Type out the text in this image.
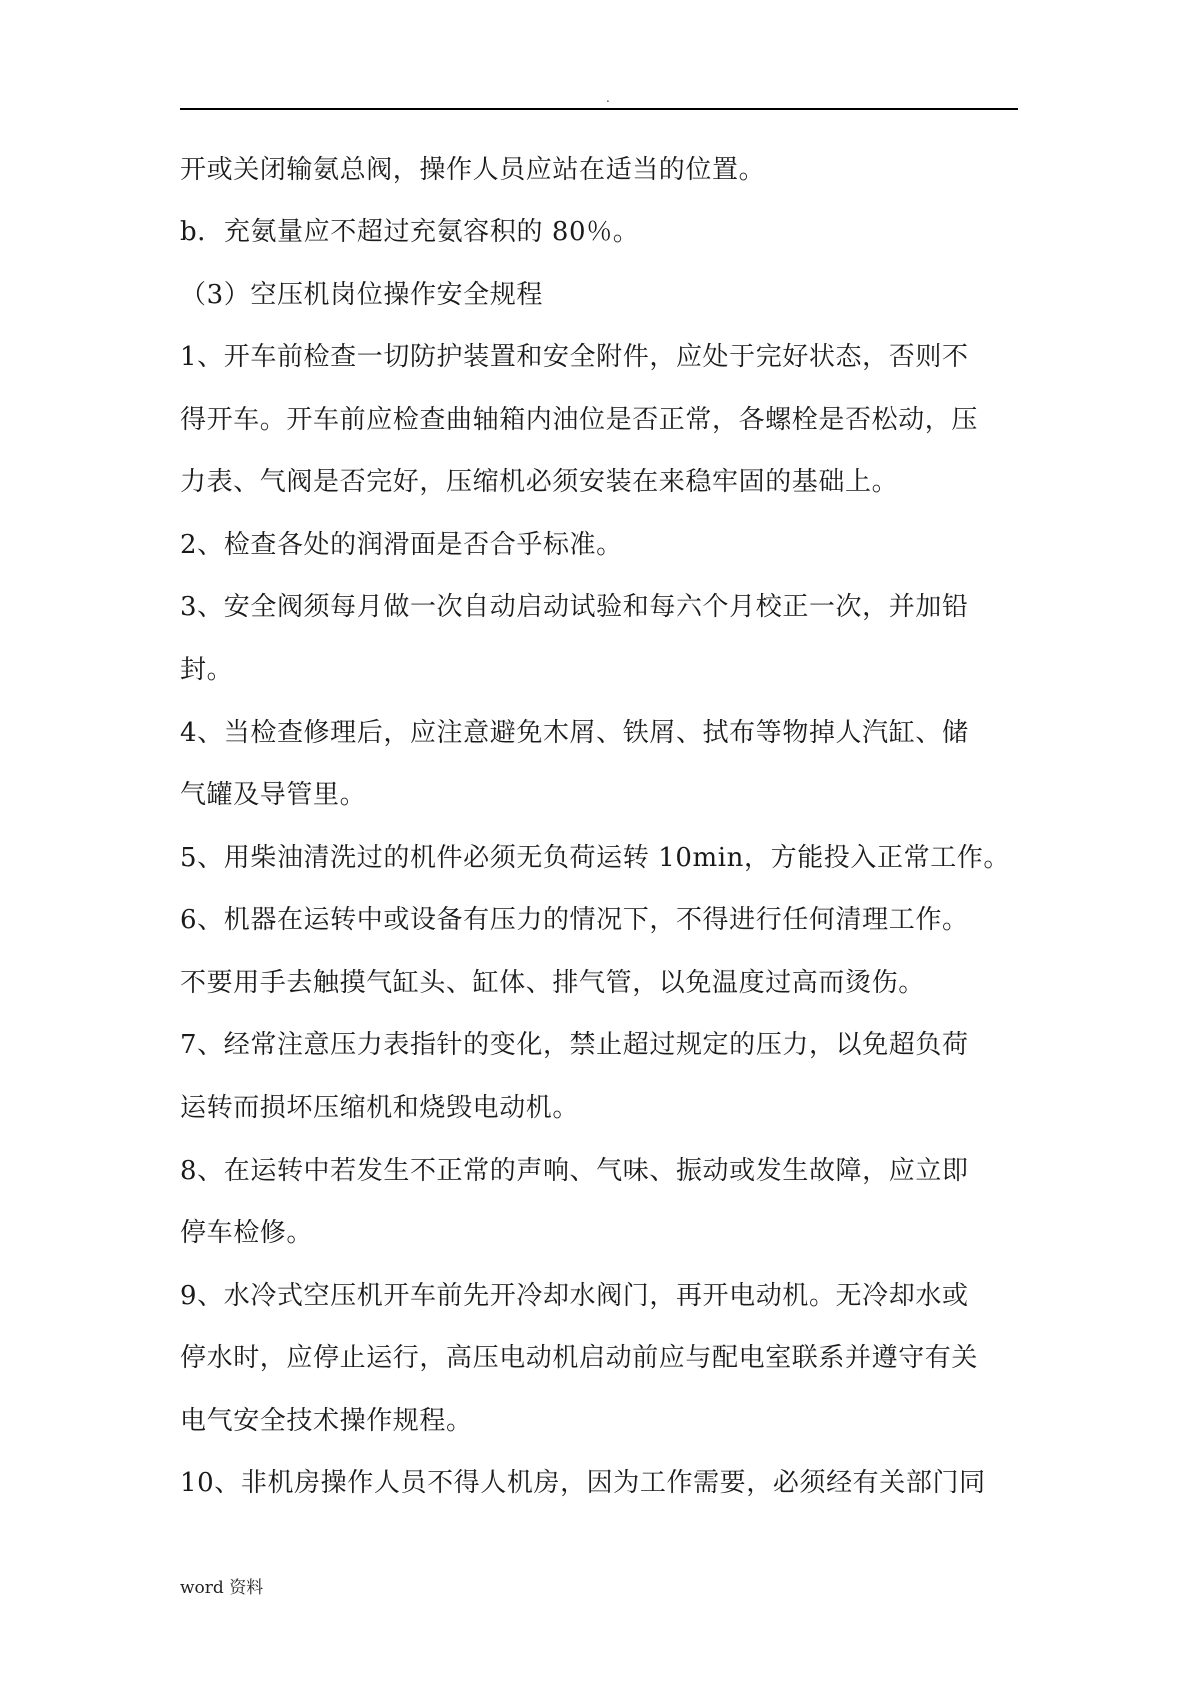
.
开或关闭输氨总阀，操作人员应站在适当的位置。
b．充氨量应不超过充氨容积的 80％。
（3）空压机岗位操作安全规程
1、开车前检查一切防护装置和安全附件，应处于完好状态，否则不
得开车。开车前应检查曲轴箱内油位是否正常，各螺栓是否松动，压
力表、气阀是否完好，压缩机必须安装在来稳牢固的基础上。
2、检查各处的润滑面是否合乎标准。
3、安全阀须每月做一次自动启动试验和每六个月校正一次，并加铅
封。
4、当检查修理后，应注意避免木屑、铁屑、拭布等物掉人汽缸、储
气罐及导管里。
5、用柴油清洗过的机件必须无负荷运转 10min，方能投入正常工作。
6、机器在运转中或设备有压力的情况下，不得进行任何清理工作。
不要用手去触摸气缸头、缸体、排气管，以免温度过高而烫伤。
7、经常注意压力表指针的变化，禁止超过规定的压力，以免超负荷
运转而损坏压缩机和烧毁电动机。
8、在运转中若发生不正常的声响、气味、振动或发生故障，应立即
停车检修。
9、水冷式空压机开车前先开冷却水阀门，再开电动机。无冷却水或
停水时，应停止运行，高压电动机启动前应与配电室联系并遵守有关
电气安全技术操作规程。
10、非机房操作人员不得人机房，因为工作需要，必须经有关部门同
word 资料
